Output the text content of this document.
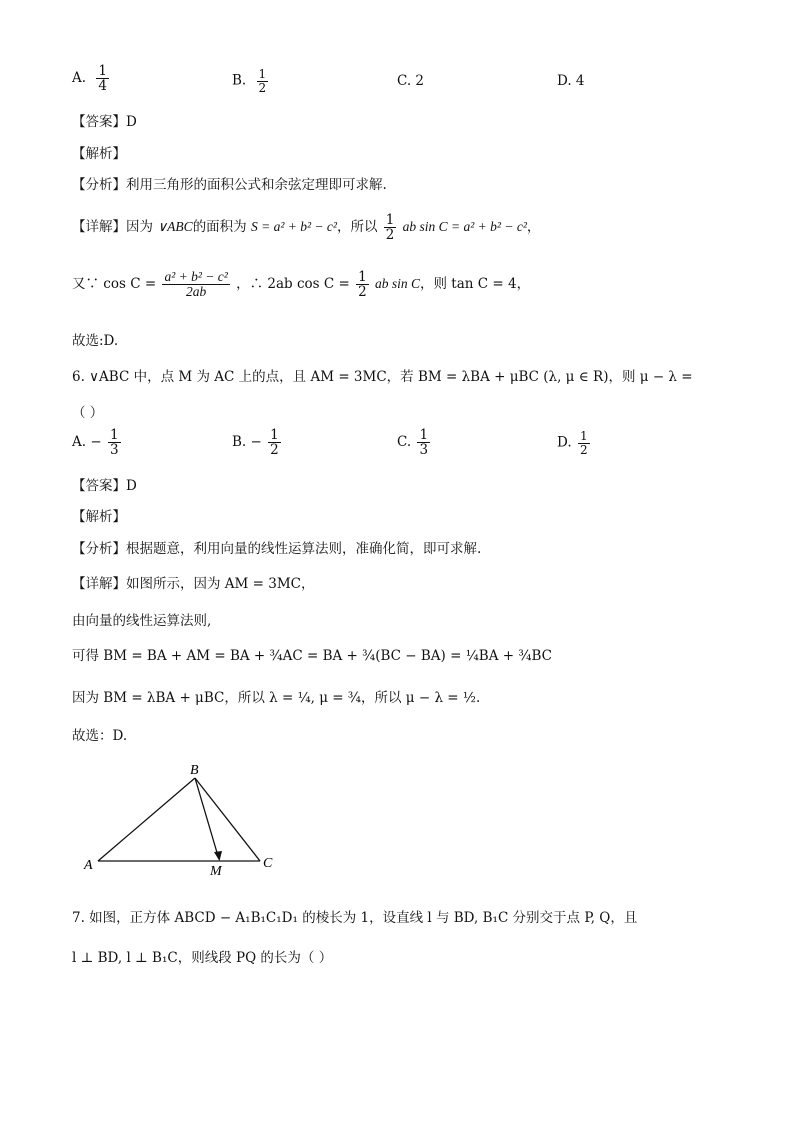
A. $\frac{1}{4}$	B. $\frac{1}{2}$	C. 2	D. 4
【答案】D
【解析】
【分析】利用三角形的面积公式和余弦定理即可求解.
【详解】因为 ∨ABC的面积为 S = a² + b² − c²，所以 $\frac{1}{2}$ ab sin C = a² + b² − c²，
又∵ $\cos C = \frac{\text{a² + b² − c²}}{2ab}$ ，∴ 2ab $\cos C = \frac{1}{2}$ ab sin C，则 tan C = 4，
故选:D.
6. ∨ABC 中，点 M 为 AC 上的点，且 AM = 3MC，若 BM = λBA + μBC (λ, μ ∈ R)，则 μ − λ =
（ ）
A. − $\frac{1}{3}$	B. − $\frac{1}{2}$	C. $\frac{1}{3}$	D. $\frac{1}{2}$
【答案】D
【解析】
【分析】根据题意，利用向量的线性运算法则，准确化简，即可求解.
【详解】如图所示，因为 AM = 3MC，
由向量的线性运算法则,
可得 BM = BA + AM = BA + ¾AC = BA + ¾(BC − BA) = ¼BA + ¾BC
因为 BM = λBA + μBC，所以 λ = ¼, μ = ¾，所以 μ − λ = ½.
故选：D.
B
A	C
M
7. 如图，正方体 ABCD − A₁B₁C₁D₁ 的棱长为 1，设直线 l 与 BD, B₁C 分别交于点 P, Q，且
l ⊥ BD, l ⊥ B₁C，则线段 PQ 的长为（ ）
